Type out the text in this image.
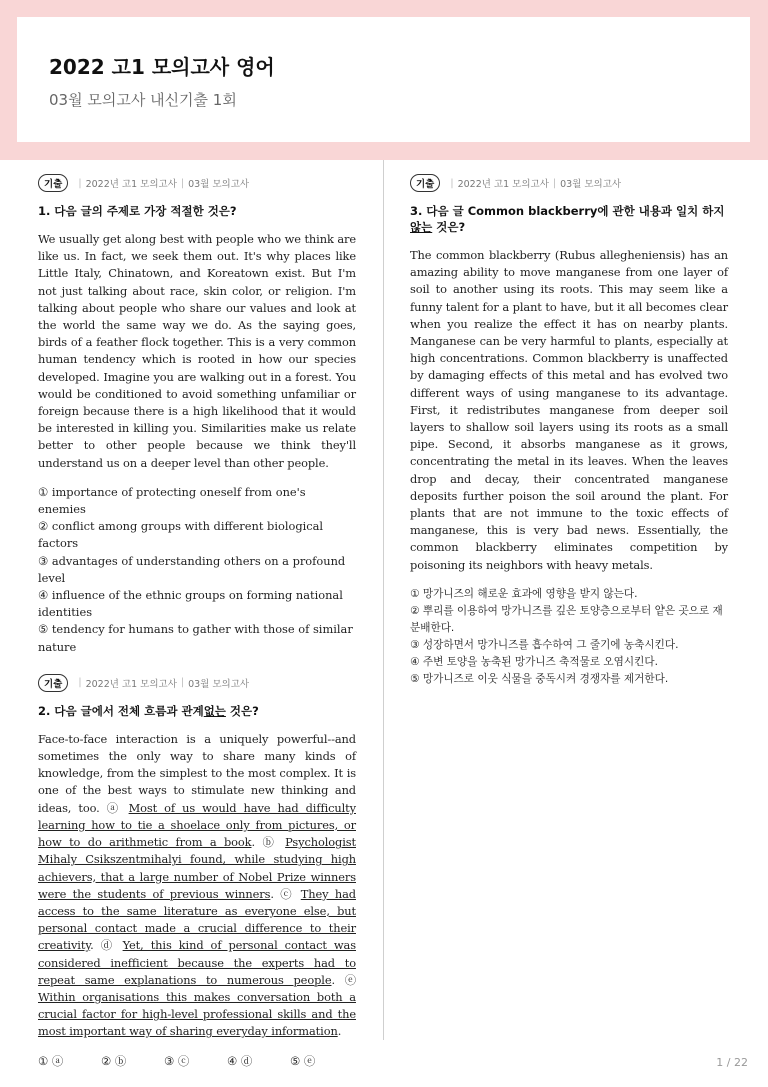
2022 고1 모의고사 영어
03월 모의고사 내신기출 1회
기출	| 2022년 고1 모의고사 | 03월 모의고사
1. 다음 글의 주제로 가장 적절한 것은?

We usually get along best with people who we think are like us. In fact, we seek them out. It's why places like Little Italy, Chinatown, and Koreatown exist. But I'm not just talking about race, skin color, or religion. I'm talking about people who share our values and look at the world the same way we do. As the saying goes, birds of a feather flock together. This is a very common human tendency which is rooted in how our species developed. Imagine you are walking out in a forest. You would be conditioned to avoid something unfamiliar or foreign because there is a high likelihood that it would be interested in killing you. Similarities make us relate better to other people because we think they'll understand us on a deeper level than other people.

① importance of protecting oneself from one's enemies
② conflict among groups with different biological factors
③ advantages of understanding others on a profound level
④ influence of the ethnic groups on forming national identities
⑤ tendency for humans to gather with those of similar nature
기출	| 2022년 고1 모의고사 | 03월 모의고사
2. 다음 글에서 전체 흐름과 관계없는 것은?

Face-to-face interaction is a uniquely powerful--and sometimes the only way to share many kinds of knowledge, from the simplest to the most complex. It is one of the best ways to stimulate new thinking and ideas, too. ⓐ Most of us would have had difficulty learning how to tie a shoelace only from pictures, or how to do arithmetic from a book. ⓑ Psychologist Mihaly Csikszentmihalyi found, while studying high achievers, that a large number of Nobel Prize winners were the students of previous winners. ⓒ They had access to the same literature as everyone else, but personal contact made a crucial difference to their creativity. ⓓ Yet, this kind of personal contact was considered inefficient because the experts had to repeat same explanations to numerous people. ⓔ Within organisations this makes conversation both a crucial factor for high-level professional skills and the most important way of sharing everyday information.

① ⓐ	② ⓑ	③ ⓒ	④ ⓓ	⑤ ⓔ
기출	| 2022년 고1 모의고사 | 03월 모의고사
3. 다음 글 Common blackberry에 관한 내용과 일치 하지 않는 것은?

The common blackberry (Rubus allegheniensis) has an amazing ability to move manganese from one layer of soil to another using its roots. This may seem like a funny talent for a plant to have, but it all becomes clear when you realize the effect it has on nearby plants. Manganese can be very harmful to plants, especially at high concentrations. Common blackberry is unaffected by damaging effects of this metal and has evolved two different ways of using manganese to its advantage. First, it redistributes manganese from deeper soil layers to shallow soil layers using its roots as a small pipe. Second, it absorbs manganese as it grows, concentrating the metal in its leaves. When the leaves drop and decay, their concentrated manganese deposits further poison the soil around the plant. For plants that are not immune to the toxic effects of manganese, this is very bad news. Essentially, the common blackberry eliminates competition by poisoning its neighbors with heavy metals.

① 망가니즈의 해로운 효과에 영향을 받지 않는다.
② 뿌리를 이용하여 망가니즈를 깊은 토양층으로부터 얕은 곳으로 재분배한다.
③ 성장하면서 망가니즈를 흡수하여 그 줄기에 농축시킨다.
④ 주변 토양을 농축된 망가니즈 축적물로 오염시킨다.
⑤ 망가니즈로 이웃 식물을 중독시켜 경쟁자를 제거한다.
1 / 22
